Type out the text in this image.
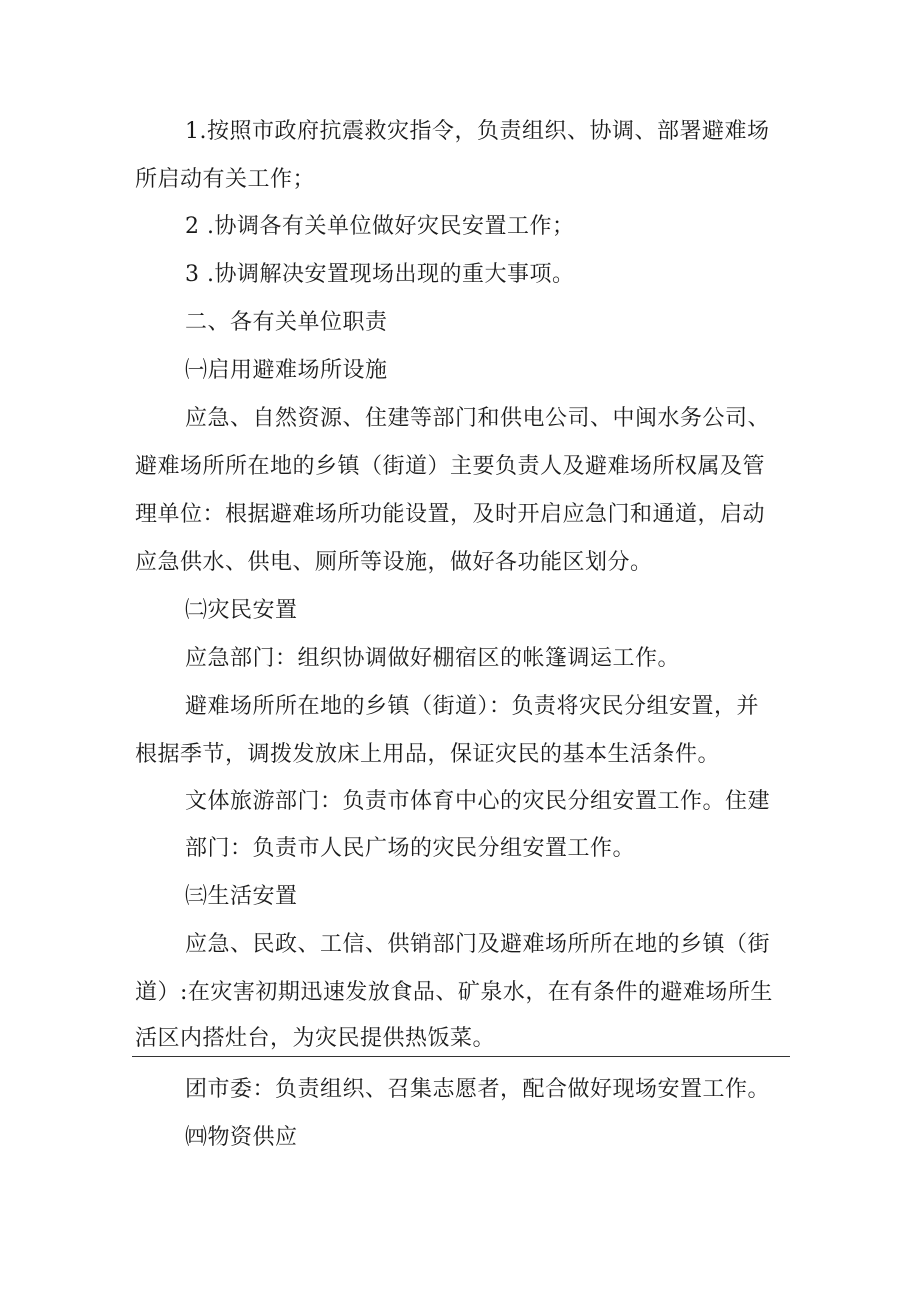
1.按照市政府抗震救灾指令，负责组织、协调、部署避难场
所启动有关工作；
2 .协调各有关单位做好灾民安置工作；
3 .协调解决安置现场出现的重大事项。
二、各有关单位职责
㈠启用避难场所设施
应急、自然资源、住建等部门和供电公司、中闽水务公司、
避难场所所在地的乡镇（街道）主要负责人及避难场所权属及管
理单位：根据避难场所功能设置，及时开启应急门和通道，启动
应急供水、供电、厕所等设施，做好各功能区划分。
㈡灾民安置
应急部门：组织协调做好棚宿区的帐篷调运工作。
避难场所所在地的乡镇（街道）：负责将灾民分组安置，并
根据季节，调拨发放床上用品，保证灾民的基本生活条件。
文体旅游部门：负责市体育中心的灾民分组安置工作。住建
部门：负责市人民广场的灾民分组安置工作。
㈢生活安置
应急、民政、工信、供销部门及避难场所所在地的乡镇（街
道）:在灾害初期迅速发放食品、矿泉水，在有条件的避难场所生
活区内搭灶台，为灾民提供热饭菜。
团市委：负责组织、召集志愿者，配合做好现场安置工作。
㈣物资供应
